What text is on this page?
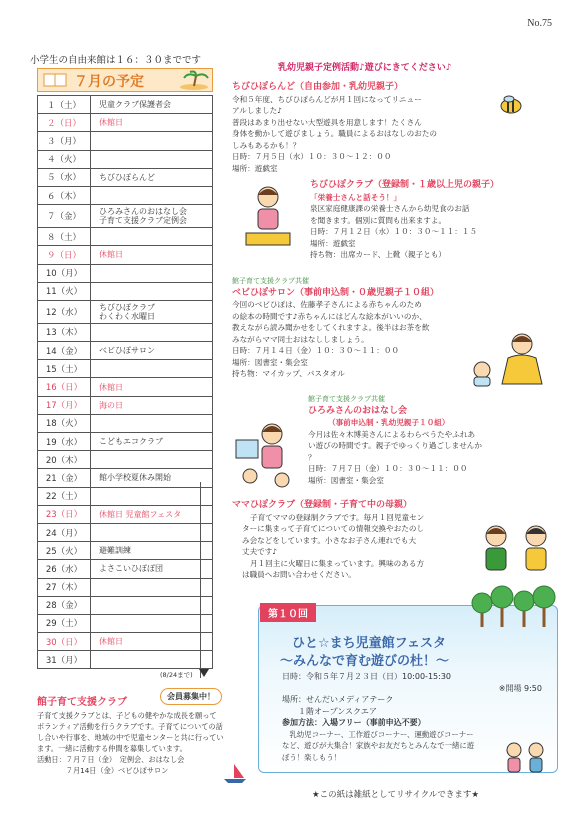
No.75
小学生の自由来館は１６：３０までです
７月の予定
１（土）	児童クラブ保護者会
２（日）	休館日
３（月）	
４（火）	
５（水）	ちびひぽらんど
６（木）	
７（金）	ひろみさんのおはなし会
子育て支援クラブ定例会

８（土）	
９（日）	休館日
10（月）	
11（火）	
12（水）	ちびひぽクラブ
わくわく水曜日

13（木）	
14（金）	べビひぽサロン
15（土）	
16（日）	休館日
17（月）	海の日
18（火）	
19（水）	こどもエコクラブ
20（木）	
21（金）	館小学校夏休み開始
22（土）	
23（日）	休館日 児童館フェスタ
24（月）	
25（火）	避難訓練
26（水）	よさこいひぽぽ団
27（木）	
28（金）	
29（土）	
30（日）	休館日
31（月）	
(8/24まで)
館子育て支援クラブ
会員募集中！
子育て支援クラブとは、子どもの健やかな成長を願って
ボランティア活動を行うクラブです。子育てについての話
し合いや行事を、地域の中で児童センターと共に行ってい
ます。一緒に活動する仲間を募集しています。
活動日：７月７日（金）　定例会、おはなし会
　　　　７月14日（金）ベビひぽサロン
乳幼児親子定例活動♪遊びにきてください♪
ちびひぽらんど（自由参加・乳幼児親子）
令和５年度、ちびひぽらんどが月１回になってリニュー
アルしました♪
普段はあまり出せない大型遊具を用意します！たくさん
身体を動かして遊びましょう。職員によるおはなしのおたの
しみもあるかも！？
日時：７月５日（水）１０：３０～１２：００
場所：遊戯室
ちびひぽクラブ（登録制・１歳以上児の親子）
「栄養士さんと話そう！」
泉区家庭健康課の栄養士さんから幼児食のお話
を聞きます。個別に質問も出来ますよ。
日時：７月１２日（水）１０：３０～１１：１５
場所：遊戯室
持ち物：出席カード、上靴（親子とも）
館子育て支援クラブ共催
ベビひぽサロン（事前申込制・０歳児親子１０組）
今回のベビひぽは、佐藤孝子さんによる赤ちゃんのため
の絵本の時間です♪赤ちゃんにはどんな絵本がいいのか、
教えながら読み聞かせをしてくれますよ。後半はお茶を飲
みながらママ同士おはなししましょう。
日時：７月１４日（金）１０：３０～１１：００
場所：図書室・集会室
持ち物：マイカップ、バスタオル
館子育て支援クラブ共催
ひろみさんのおはなし会
（事前申込制・乳幼児親子１０組）
今月は佐々木博美さんによるわらべうたやふれあ
い遊びの時間です。親子でゆっくり過ごしませんか
？
日時：７月７日（金）１０：３０～１１：００
場所：図書室・集会室
ママひぽクラブ（登録制・子育て中の母親）
子育てママの登録制クラブです。毎月１回児童セン
ターに集まって子育てについての情報交換やおたのし
み会などをしています。小さなお子さん連れでも大
丈夫です♪
月１回主に火曜日に集まっています。興味のある方
は職員へお問い合わせください。
第１０回
ひと☆まち児童館フェスタ
～みんなで育む遊びの杜！～
日時：令和５年７月２３日（日）10:00-15:30
※開場 9:50
場所：せんだいメディアテーク
　　１階オープンスクエア
参加方法：入場フリー（事前申込不要）
　乳幼児コーナー、工作遊びコーナー、運動遊びコーナー
など、遊びが大集合！家族やお友だちとみんなで一緒に遊
ぼう！楽しもう！
★この紙は雑紙としてリサイクルできます★
